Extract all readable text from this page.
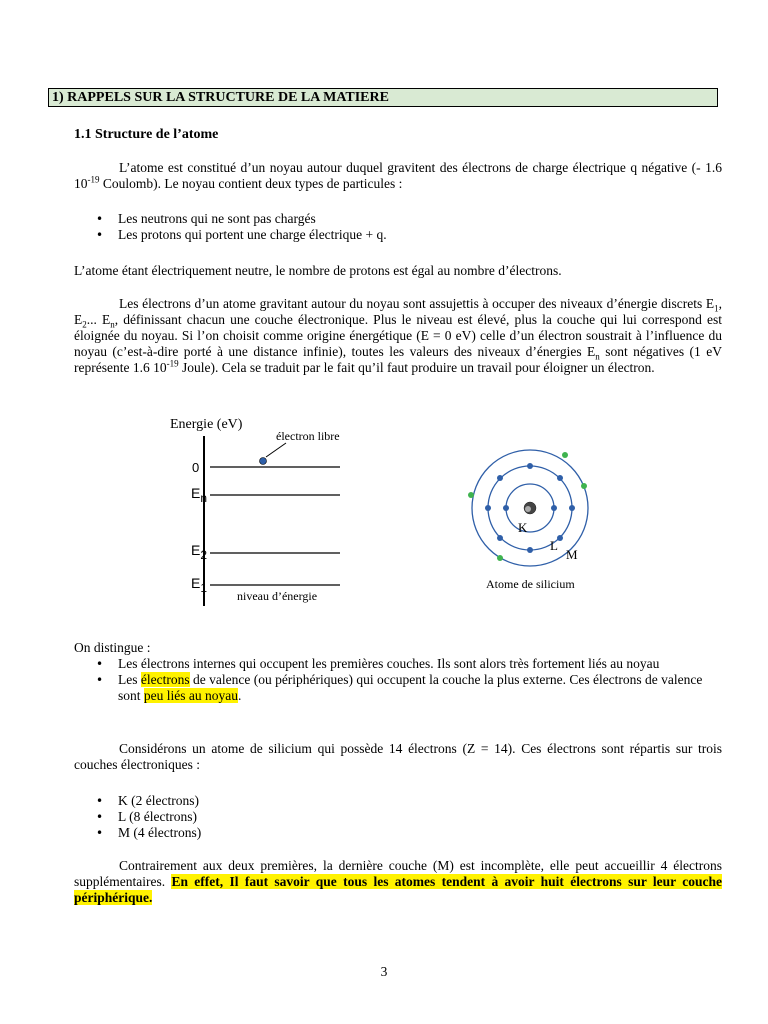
1) RAPPELS SUR LA STRUCTURE DE LA MATIERE
1.1 Structure de l’atome
L’atome est constitué d’un noyau autour duquel gravitent des électrons de charge électrique q négative (- 1.6 $10^{-19}$ Coulomb). Le noyau contient deux types de particules :
• Les neutrons qui ne sont pas chargés
• Les protons qui portent une charge électrique + q.
L’atome étant électriquement neutre, le nombre de protons est égal au nombre d’électrons.
Les électrons d’un atome gravitant autour du noyau sont assujettis à occuper des niveaux d’énergie discrets $E_1$, $E_2$... $E_n$, définissant chacun une couche électronique. Plus le niveau est élevé, plus la couche qui lui correspond est éloignée du noyau. Si l’on choisit comme origine énergétique (E = 0 eV) celle d’un électron soustrait à l’influence du noyau (c’est-à-dire porté à une distance infinie), toutes les valeurs des niveaux d’énergies $E_n$ sont négatives (1 eV représente 1.6 $10^{-19}$ Joule). Cela se traduit par le fait qu’il faut produire un travail pour éloigner un électron.
Energie (eV)
0
En
E2
E1
électron libre
niveau d’énergie
K
L
M
Atome de silicium
On distingue :
• Les électrons internes qui occupent les premières couches. Ils sont alors très fortement liés au noyau
• Les électrons de valence (ou périphériques) qui occupent la couche la plus externe. Ces électrons de valence sont peu liés au noyau.
Considérons un atome de silicium qui possède 14 électrons (Z = 14). Ces électrons sont répartis sur trois couches électroniques :
• K (2 électrons)
• L (8 électrons)
• M (4 électrons)
Contrairement aux deux premières, la dernière couche (M) est incomplète, elle peut accueillir 4 électrons supplémentaires. En effet, Il faut savoir que tous les atomes tendent à avoir huit électrons sur leur couche périphérique.
3
